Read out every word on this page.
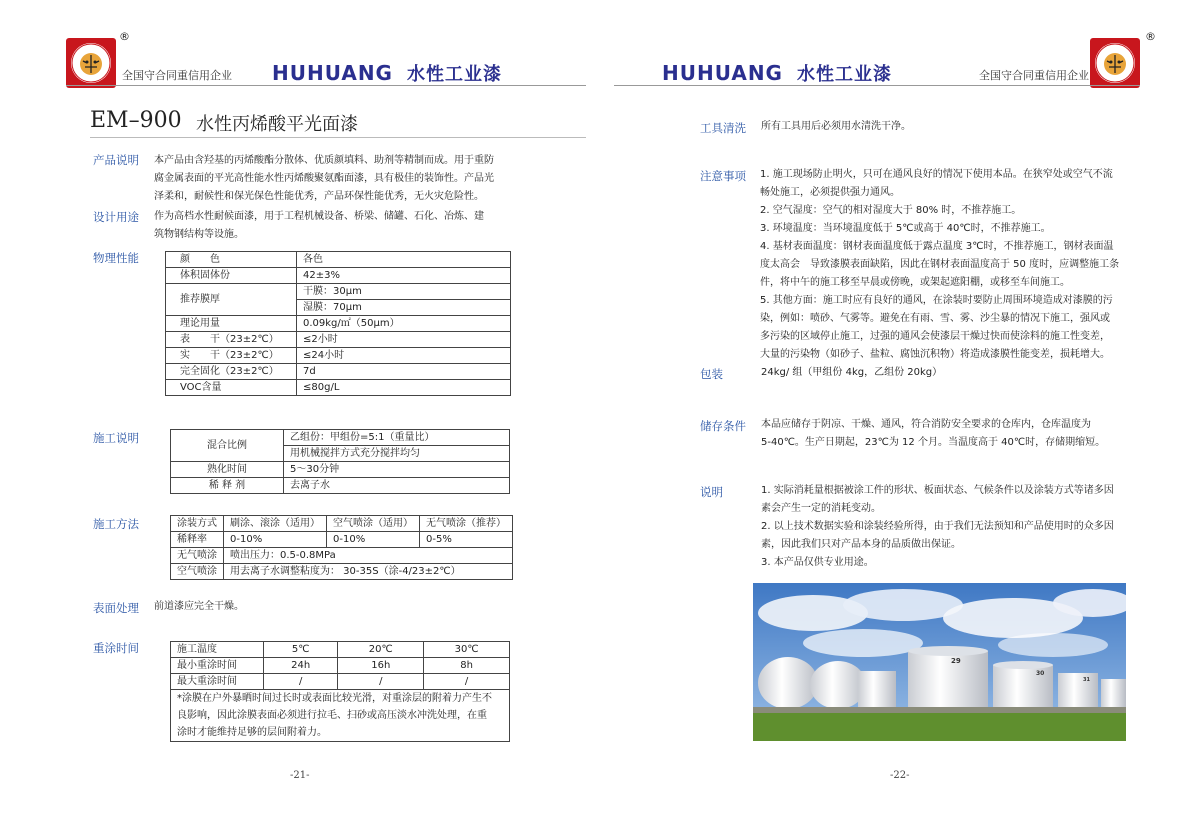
®
全国守合同重信用企业 HUHUANG 水性工业漆
EM–900 水性丙烯酸平光面漆
产品说明 本产品由含羟基的丙烯酸酯分散体、优质颜填料、助剂等精制而成。用于重防

腐金属表面的平光高性能水性丙烯酸聚氨酯面漆，具有极佳的装饰性。产品光

泽柔和，耐候性和保光保色性能优秀，产品环保性能优秀，无火灾危险性。

设计用途 作为高档水性耐候面漆，用于工程机械设备、桥梁、储罐、石化、冶炼、建

筑物钢结构等设施。

物理性能	颜　　色	各色
体积固体份	42±3%
推荐膜厚	干膜：30μm
	湿膜：70μm
理论用量	0.09kg/㎡（50μm）
表　　干（23±2℃）	≤2小时
实　　干（23±2℃）	≤24小时
完全固化（23±2℃）	7d
VOC含量	≤80g/L
施工说明
混合比例	乙组份：甲组份=5:1（重量比）
	用机械搅拌方式充分搅拌均匀
熟化时间	5～30分钟
稀 释 剂	去离子水
施工方法	涂装方式	刷涂、滚涂（适用）	空气喷涂（适用）	无气喷涂（推荐）
稀释率	0-10%	0-10%	0-5%
无气喷涂	喷出压力：0.5-0.8MPa		
空气喷涂	用去离子水调整粘度为： 30-35S（涂-4/23±2℃）		
表面处理 前道漆应完全干燥。
重涂时间	施工温度	5℃	20℃	30℃
最小重涂时间	24h	16h	8h
最大重涂时间	/	/	/

*涂膜在户外暴晒时间过长时或表面比较光滑，对重涂层的附着力产生不
良影响，因此涂膜表面必须进行拉毛、扫砂或高压淡水冲洗处理，在重
涂时才能维持足够的层间附着力。			
-21-
HUHUANG 水性工业漆	全国守合同重信用企业
®
工具清洗 所有工具用后必须用水清洗干净。
注意事项 1. 施工现场防止明火，只可在通风良好的情况下使用本品。在狭窄处或空气不流

畅处施工，必须提供强力通风。

2. 空气湿度：空气的相对湿度大于 80% 时，不推荐施工。

3. 环境温度：当环境温度低于 5℃或高于 40℃时，不推荐施工。

4. 基材表面温度：钢材表面温度低于露点温度 3℃时，不推荐施工，钢材表面温

度太高会　导致漆膜表面缺陷，因此在钢材表面温度高于 50 度时，应调整施工条

件，将中午的施工移至早晨或傍晚，或架起遮阳棚，或移至车间施工。

5. 其他方面：施工时应有良好的通风，在涂装时要防止周围环境造成对漆膜的污

染，例如：喷砂、气雾等。避免在有雨、雪、雾、沙尘暴的情况下施工，强风或

多污染的区域停止施工，过强的通风会使漆层干燥过快而使涂料的施工性变差，

大量的污染物（如砂子、盐粒、腐蚀沉积物）将造成漆膜性能变差，损耗增大。

包装	24kg/ 组（甲组份 4kg，乙组份 20kg）
储存条件 本品应储存于阴凉、干燥、通风，符合消防安全要求的仓库内，仓库温度为

5-40℃。生产日期起，23℃为 12 个月。当温度高于 40℃时，存储期缩短。

说明	1. 实际消耗量根据被涂工件的形状、板面状态、气候条件以及涂装方式等诸多因

素会产生一定的消耗变动。

2. 以上技术数据实验和涂装经验所得，由于我们无法预知和产品使用时的众多因

素，因此我们只对产品本身的品质做出保证。

3. 本产品仅供专业用途。

-22-
29
30
31
